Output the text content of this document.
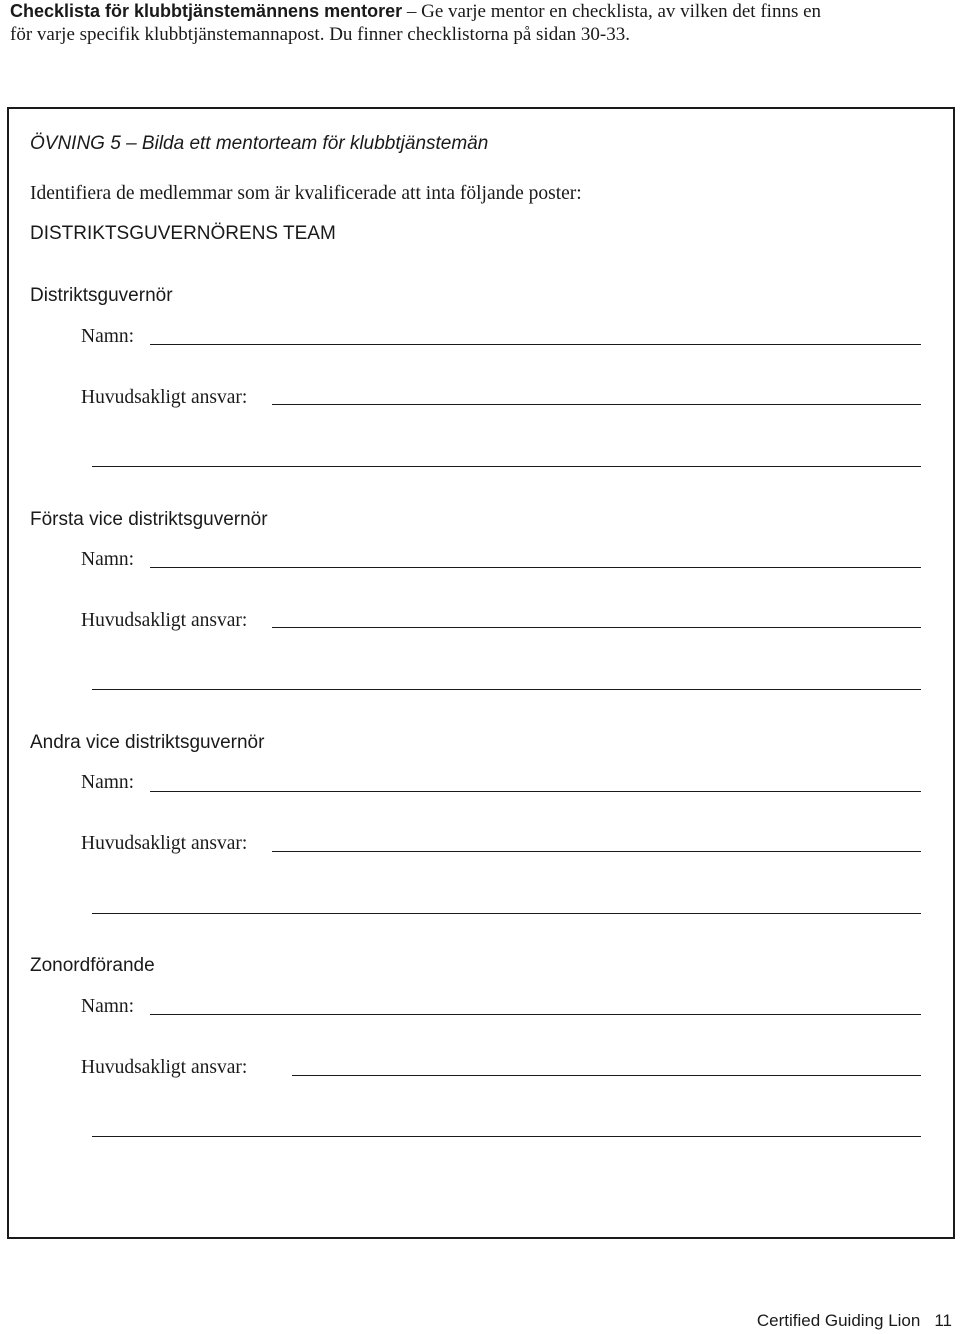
Checklista för klubbtjänstemännens mentorer – Ge varje mentor en checklista, av vilken det finns en
för varje specifik klubbtjänstemannapost. Du finner checklistorna på sidan 30-33.
ÖVNING 5 – Bilda ett mentorteam för klubbtjänstemän
Identifiera de medlemmar som är kvalificerade att inta följande poster:
DISTRIKTSGUVERNÖRENS TEAM
Distriktsguvernör
Namn:
Huvudsakligt ansvar:
Första vice distriktsguvernör
Namn:
Huvudsakligt ansvar:
Andra vice distriktsguvernör
Namn:
Huvudsakligt ansvar:
Zonordförande
Namn:
Huvudsakligt ansvar:
Certified Guiding Lion 11
